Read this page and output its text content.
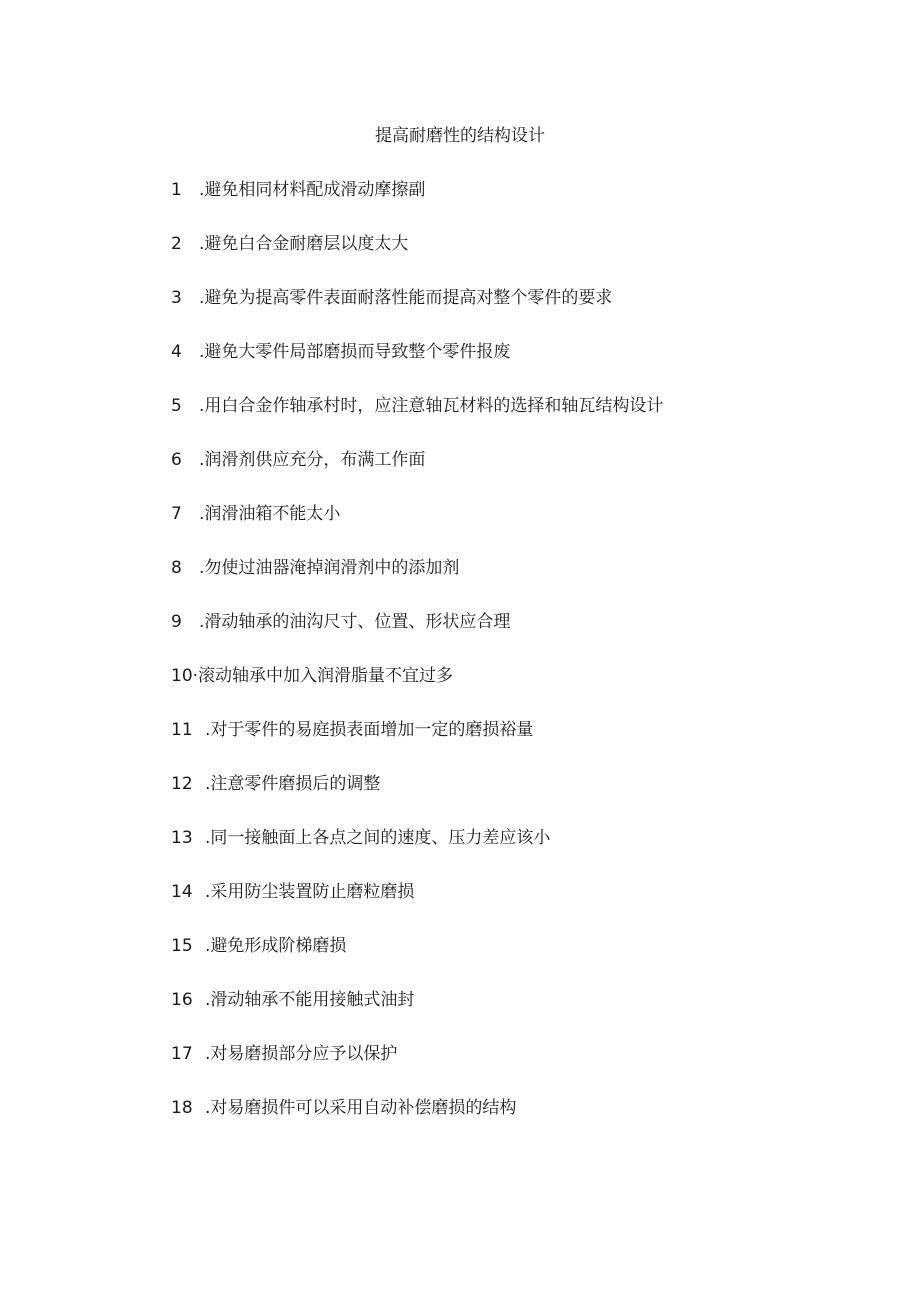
提高耐磨性的结构设计
1	.避免相同材料配成滑动摩擦副
2	.避免白合金耐磨层以度太大
3	.避免为提高零件表面耐落性能而提高对整个零件的要求
4	.避免大零件局部磨损而导致整个零件报废
5	.用白合金作轴承村时，应注意轴瓦材料的选择和轴瓦结构设计
6	.润滑剂供应充分，布满工作面
7	.润滑油箱不能太小
8	.勿使过油器淹掉润滑剂中的添加剂
9	.滑动轴承的油沟尺寸、位置、形状应合理
10 ·滚动轴承中加入润滑脂量不宜过多
11 .对于零件的易庭损表面增加一定的磨损裕量
12 .注意零件磨损后的调整
13 .同一接触面上各点之间的速度、压力差应该小
14 .采用防尘装置防止磨粒磨损
15 .避免形成阶梯磨损
16 .滑动轴承不能用接触式油封
17 .对易磨损部分应予以保护
18 .对易磨损件可以采用自动补偿磨损的结构
